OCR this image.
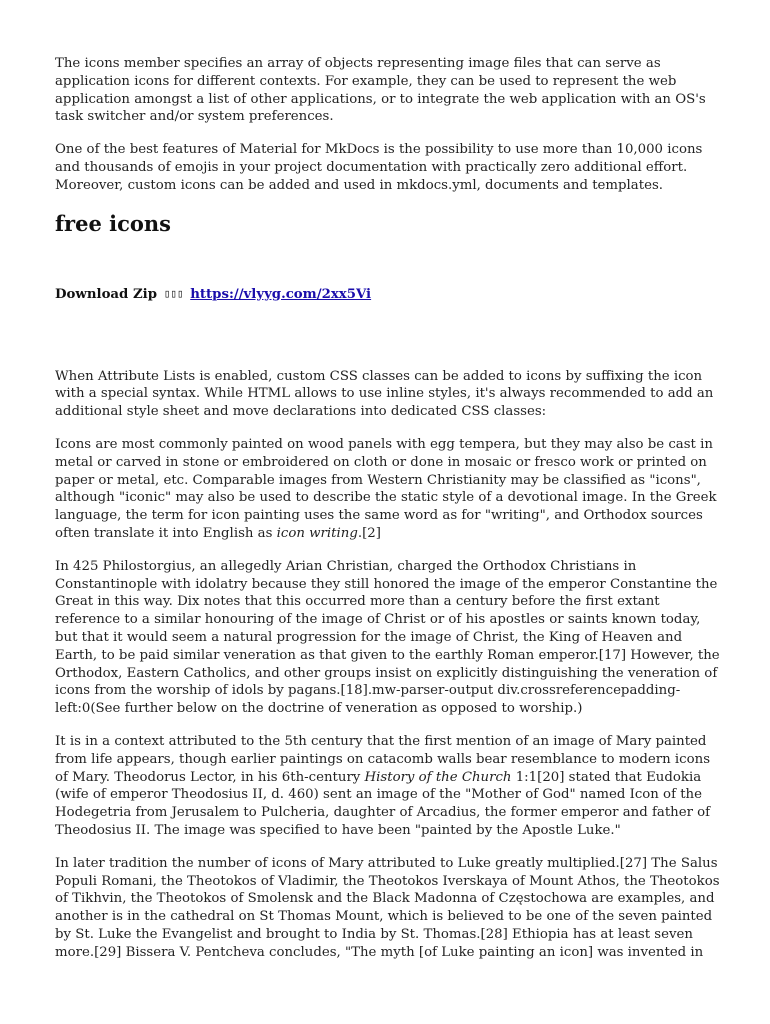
The icons member specifies an array of objects representing image files that can serve as application icons for different contexts. For example, they can be used to represent the web application amongst a list of other applications, or to integrate the web application with an OS's task switcher and/or system preferences.

One of the best features of Material for MkDocs is the possibility to use more than 10,000 icons and thousands of emojis in your project documentation with practically zero additional effort. Moreover, custom icons can be added and used in mkdocs.yml, documents and templates.

free icons
Download Zip ▯▯▯ https://vlyyg.com/2xx5Vi

When Attribute Lists is enabled, custom CSS classes can be added to icons by suffixing the icon with a special syntax. While HTML allows to use inline styles, it's always recommended to add an additional style sheet and move declarations into dedicated CSS classes:

Icons are most commonly painted on wood panels with egg tempera, but they may also be cast in metal or carved in stone or embroidered on cloth or done in mosaic or fresco work or printed on paper or metal, etc. Comparable images from Western Christianity may be classified as "icons", although "iconic" may also be used to describe the static style of a devotional image. In the Greek language, the term for icon painting uses the same word as for "writing", and Orthodox sources often translate it into English as icon writing.[2]

In 425 Philostorgius, an allegedly Arian Christian, charged the Orthodox Christians in Constantinople with idolatry because they still honored the image of the emperor Constantine the Great in this way. Dix notes that this occurred more than a century before the first extant reference to a similar honouring of the image of Christ or of his apostles or saints known today, but that it would seem a natural progression for the image of Christ, the King of Heaven and Earth, to be paid similar veneration as that given to the earthly Roman emperor.[17] However, the Orthodox, Eastern Catholics, and other groups insist on explicitly distinguishing the veneration of icons from the worship of idols by pagans.[18].mw-parser-output div.crossreferencepadding-left:0(See further below on the doctrine of veneration as opposed to worship.)

It is in a context attributed to the 5th century that the first mention of an image of Mary painted from life appears, though earlier paintings on catacomb walls bear resemblance to modern icons of Mary. Theodorus Lector, in his 6th-century History of the Church 1:1[20] stated that Eudokia (wife of emperor Theodosius II, d. 460) sent an image of the "Mother of God" named Icon of the Hodegetria from Jerusalem to Pulcheria, daughter of Arcadius, the former emperor and father of Theodosius II. The image was specified to have been "painted by the Apostle Luke."

In later tradition the number of icons of Mary attributed to Luke greatly multiplied.[27] The Salus Populi Romani, the Theotokos of Vladimir, the Theotokos Iverskaya of Mount Athos, the Theotokos of Tikhvin, the Theotokos of Smolensk and the Black Madonna of Częstochowa are examples, and another is in the cathedral on St Thomas Mount, which is believed to be one of the seven painted by St. Luke the Evangelist and brought to India by St. Thomas.[28] Ethiopia has at least seven more.[29] Bissera V. Pentcheva concludes, "The myth [of Luke painting an icon] was invented in
